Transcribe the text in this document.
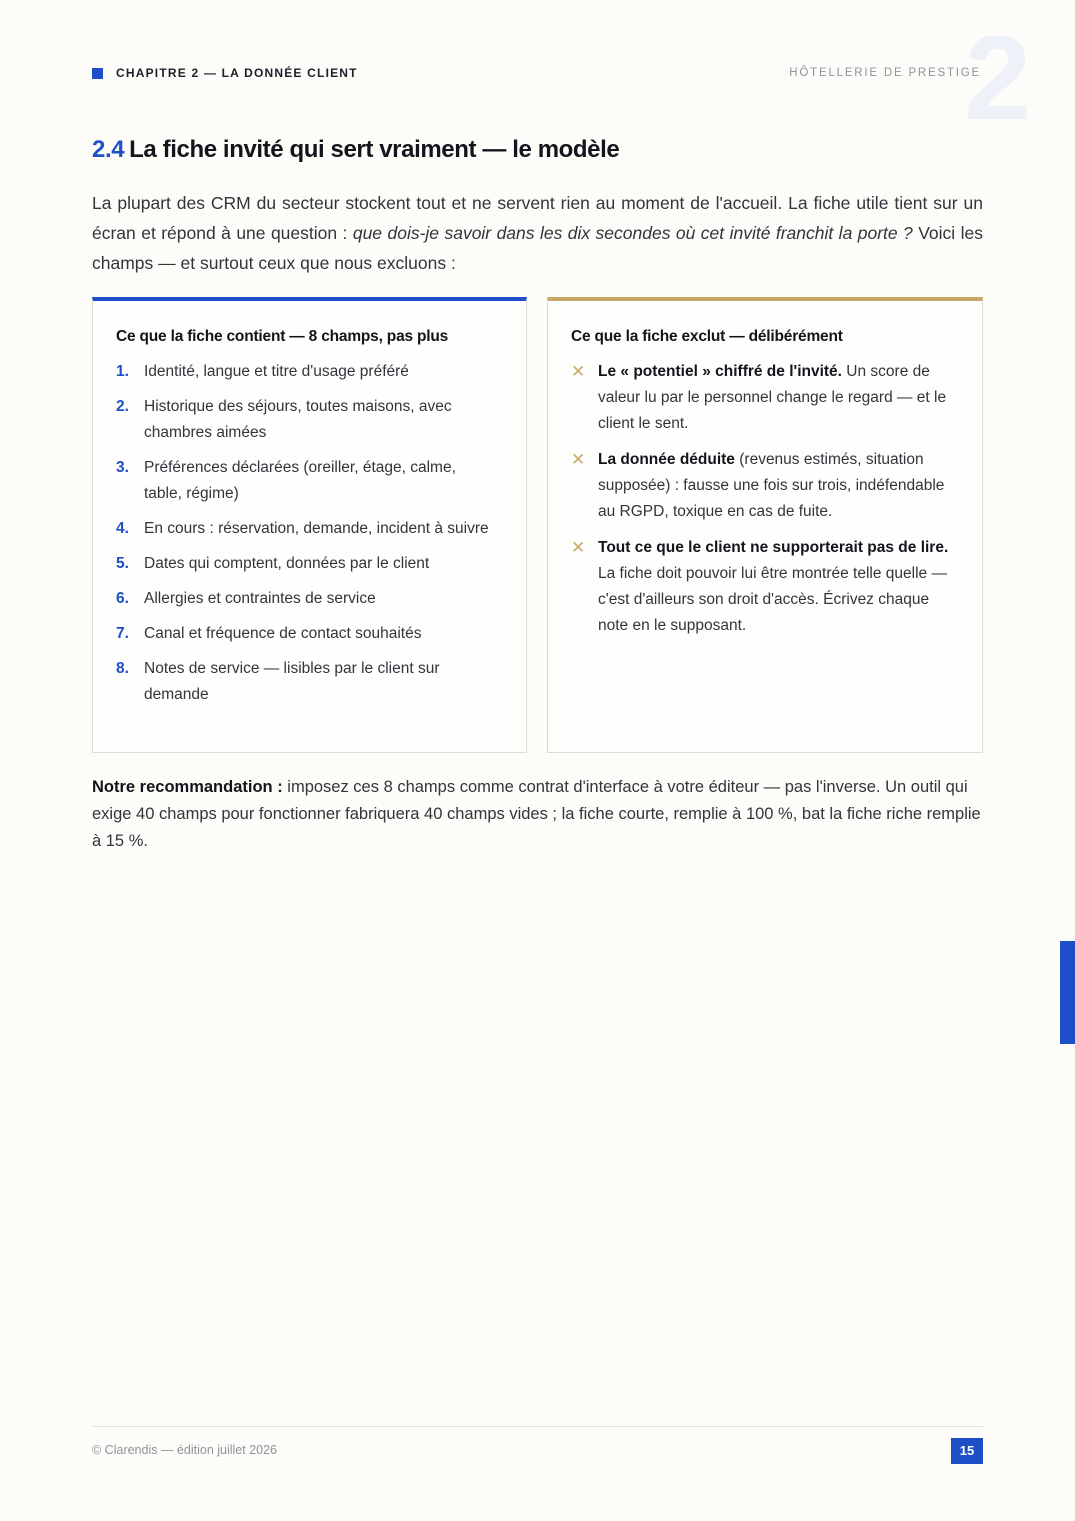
2
CHAPITRE 2 — LA DONNÉE CLIENT	HÔTELLERIE DE PRESTIGE
2.4 La fiche invité qui sert vraiment — le modèle

La plupart des CRM du secteur stockent tout et ne servent rien au moment de l'accueil. La fiche utile tient sur un écran et répond à une question : que dois-je savoir dans les dix secondes où cet invité franchit la porte ? Voici les champs — et surtout ceux que nous excluons :

Ce que la fiche contient — 8 champs, pas plus
1. Identité, langue et titre d'usage préféré
2. Historique des séjours, toutes maisons, avec chambres aimées
3. Préférences déclarées (oreiller, étage, calme, table, régime)
4. En cours : réservation, demande, incident à suivre
5. Dates qui comptent, données par le client
6. Allergies et contraintes de service
7. Canal et fréquence de contact souhaités
8. Notes de service — lisibles par le client sur demande
Ce que la fiche exclut — délibérément
✕ Le « potentiel » chiffré de l'invité. Un score de valeur lu par le personnel change le regard — et le client le sent.
✕ La donnée déduite (revenus estimés, situation supposée) : fausse une fois sur trois, indéfendable au RGPD, toxique en cas de fuite.
✕ Tout ce que le client ne supporterait pas de lire. La fiche doit pouvoir lui être montrée telle quelle — c'est d'ailleurs son droit d'accès. Écrivez chaque note en le supposant.

Notre recommandation : imposez ces 8 champs comme contrat d'interface à votre éditeur — pas l'inverse. Un outil qui exige 40 champs pour fonctionner fabriquera 40 champs vides ; la fiche courte, remplie à 100 %, bat la fiche riche remplie à 15 %.

© Clarendis — édition juillet 2026	15
